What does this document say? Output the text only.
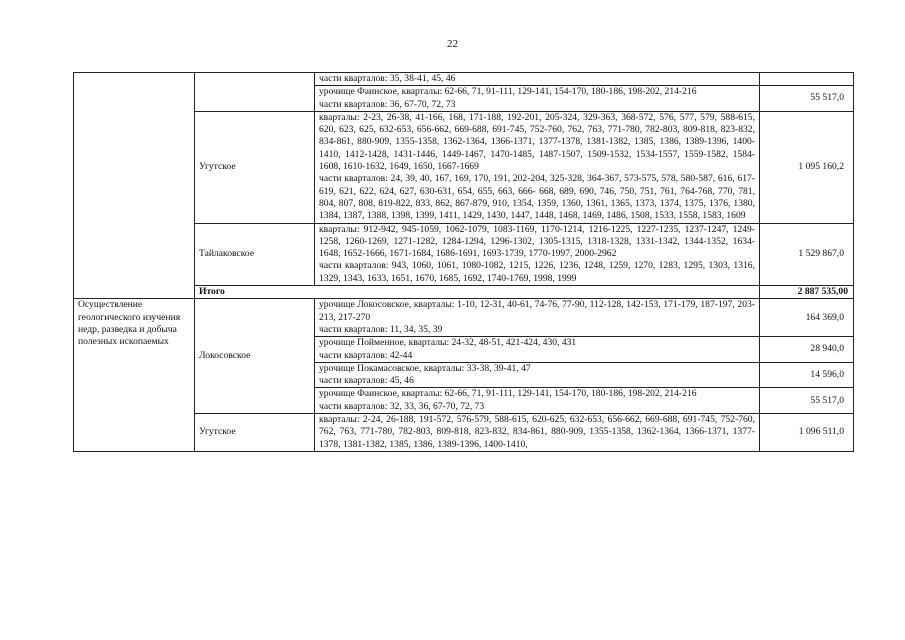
22

		части кварталов: 35, 38-41, 45, 46	

		урочище Фаинское, кварталы: 62-66, 71, 91-111, 129-141, 154-170, 180-186, 198-202, 214-216
части кварталов: 36, 67-70, 72, 73	55 517,0
	Угутское	кварталы: 2-23, 26-38, 41-166, 168, 171-188, 192-201, 205-324, 329-363, 368-572, 576, 577, 579, 588-615, 620, 623, 625, 632-653, 656-662, 669-688, 691-745, 752-760, 762, 763, 771-780, 782-803, 809-818, 823-832, 834-861, 880-909, 1355-1358, 1362-1364, 1366-1371, 1377-1378, 1381-1382, 1385, 1386, 1389-1396, 1400-1410, 1412-1428, 1431-1446, 1449-1467, 1470-1485, 1487-1507, 1509-1532, 1534-1557, 1559-1582, 1584-1608, 1610-1632, 1649, 1650, 1667-1669
части кварталов: 24, 39, 40, 167, 169, 170, 191, 202-204, 325-328, 364-367, 573-575, 578, 580-587, 616, 617-619, 621, 622, 624, 627, 630-631, 654, 655, 663, 666- 668, 689, 690, 746, 750, 751, 761, 764-768, 770, 781, 804, 807, 808, 819-822, 833, 862, 867-879, 910, 1354, 1359, 1360, 1361, 1365, 1373, 1374, 1375, 1376, 1380, 1384, 1387, 1388, 1398, 1399, 1411, 1429, 1430, 1447, 1448, 1468, 1469, 1486, 1508, 1533, 1558, 1583, 1609	1 095 160,2
	Тайлаковское	кварталы: 912-942, 945-1059, 1062-1079, 1083-1169, 1170-1214, 1216-1225, 1227-1235, 1237-1247, 1249-1258, 1260-1269, 1271-1282, 1284-1294, 1296-1302, 1305-1315, 1318-1328, 1331-1342, 1344-1352, 1634-1648, 1652-1666, 1671-1684, 1686-1691, 1693-1739, 1770-1997, 2000-2962
части кварталов: 943, 1060, 1061, 1080-1082, 1215, 1226, 1236, 1248, 1259, 1270, 1283, 1295, 1303, 1316, 1329, 1343, 1633, 1651, 1670, 1685, 1692, 1740-1769, 1998, 1999	1 529 867,0
	Итого		2 887 535,00
Осуществление геологического изучения недр, разведка и добыча полезных ископаемых	Локосовское	урочище Локосовское, кварталы: 1-10, 12-31, 40-61, 74-76, 77-90, 112-128, 142-153, 171-179, 187-197, 203-213, 217-270
части кварталов: 11, 34, 35, 39	164 369,0

		урочище Пойменное, кварталы: 24-32, 48-51, 421-424, 430, 431
части кварталов: 42-44	28 940,0

		урочище Покамасовское, кварталы: 33-38, 39-41, 47
части кварталов: 45, 46	14 596,0

		урочище Фаинское, кварталы: 62-66, 71, 91-111, 129-141, 154-170, 180-186, 198-202, 214-216
части кварталов: 32, 33, 36, 67-70, 72, 73	55 517,0
	Угутское	кварталы: 2-24, 26-188, 191-572, 576-579, 588-615, 620-625, 632-653, 656-662, 669-688, 691-745, 752-760, 762, 763, 771-780, 782-803, 809-818, 823-832, 834-861, 880-909, 1355-1358, 1362-1364, 1366-1371, 1377-1378, 1381-1382, 1385, 1386, 1389-1396, 1400-1410,	1 096 511,0
